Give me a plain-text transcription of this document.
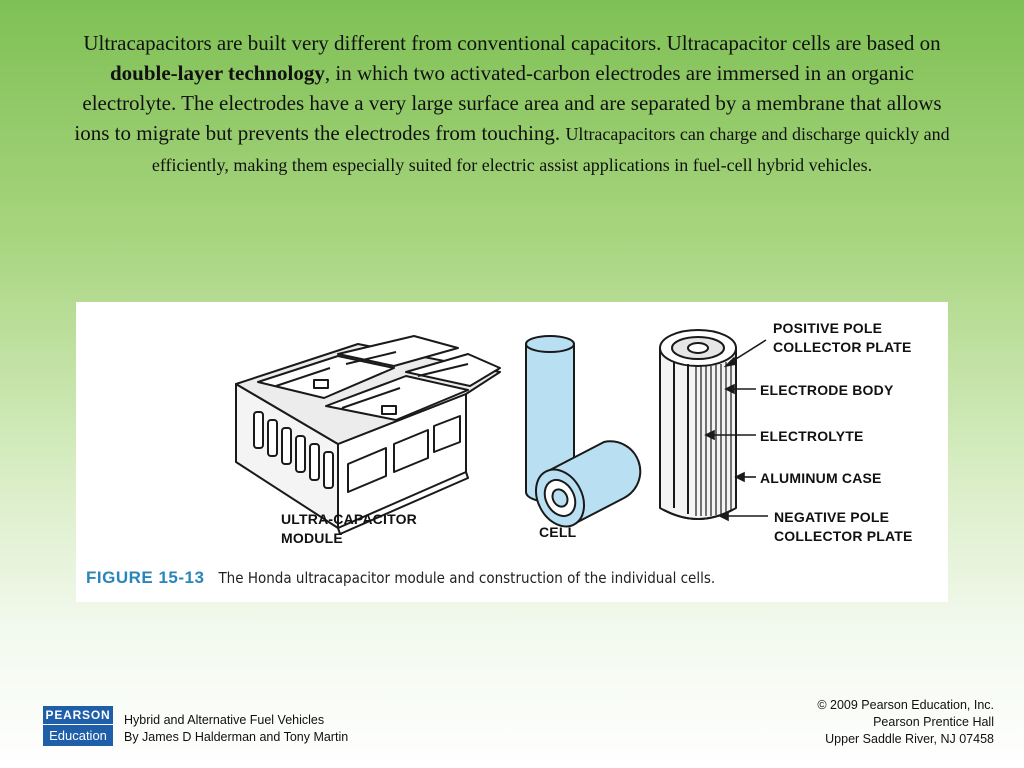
Ultracapacitors are built very different from conventional capacitors. Ultracapacitor cells are based on double-layer technology, in which two activated-carbon electrodes are immersed in an organic electrolyte. The electrodes have a very large surface area and are separated by a membrane that allows ions to migrate but prevents the electrodes from touching. Ultracapacitors can charge and discharge quickly and efficiently, making them especially suited for electric assist applications in fuel-cell hybrid vehicles.
ULTRA-CAPACITOR
MODULE	CELL
POSITIVE POLE
COLLECTOR PLATE
ELECTRODE BODY
ELECTROLYTE
ALUMINUM CASE
NEGATIVE POLE
COLLECTOR PLATE
FIGURE 15-13 The Honda ultracapacitor module and construction of the individual cells.
PEARSON
Education
Hybrid and Alternative Fuel Vehicles
By James D Halderman and Tony Martin
© 2009 Pearson Education, Inc.
Pearson Prentice Hall
Upper Saddle River, NJ 07458
